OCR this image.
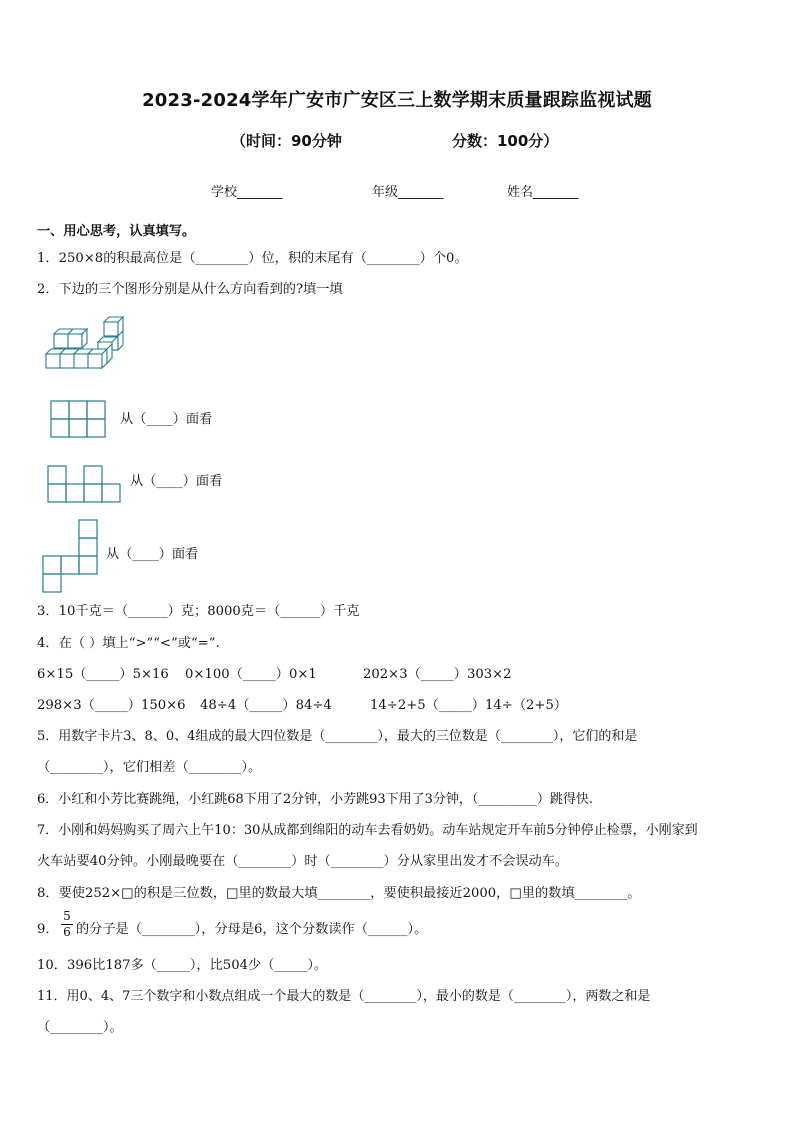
2023-2024学年广安市广安区三上数学期末质量跟踪监视试题
（时间：90分钟	分数：100分）
学校_______	年级_______	姓名_______
一、用心思考，认真填写。
1．250×8的积最高位是（________）位，积的末尾有（________）个0。
2．下边的三个图形分别是从什么方向看到的?填一填
从（____）面看
从（____）面看
从（____）面看
3．10千克＝（______）克；8000克＝（______）千克
4．在（ ）填上“>”“<”或“=”.
6×15（_____）5×16 0×100（_____）0×1	202×3（_____）303×2
298×3（_____）150×6 48÷4（_____）84÷4	14÷2+5（_____）14÷（2+5）
5．用数字卡片3、8、0、4组成的最大四位数是（________），最大的三位数是（________），它们的和是
（________），它们相差（________）。
6．小红和小芳比赛跳绳，小红跳68下用了2分钟，小芳跳93下用了3分钟，（_________）跳得快.
7．小刚和妈妈购买了周六上午10：30从成都到绵阳的动车去看奶奶。动车站规定开车前5分钟停止检票，小刚家到
火车站要40分钟。小刚最晚要在（________）时（________）分从家里出发才不会误动车。
8．要使252×□的积是三位数，□里的数最大填________，要使积最接近2000，□里的数填________。
9．
5
6 的分子是（________），分母是6，这个分数读作（______）。
10．396比187多（_____），比504少（_____）。
11．用0、4、7三个数字和小数点组成一个最大的数是（________），最小的数是（________），两数之和是
（________）。
